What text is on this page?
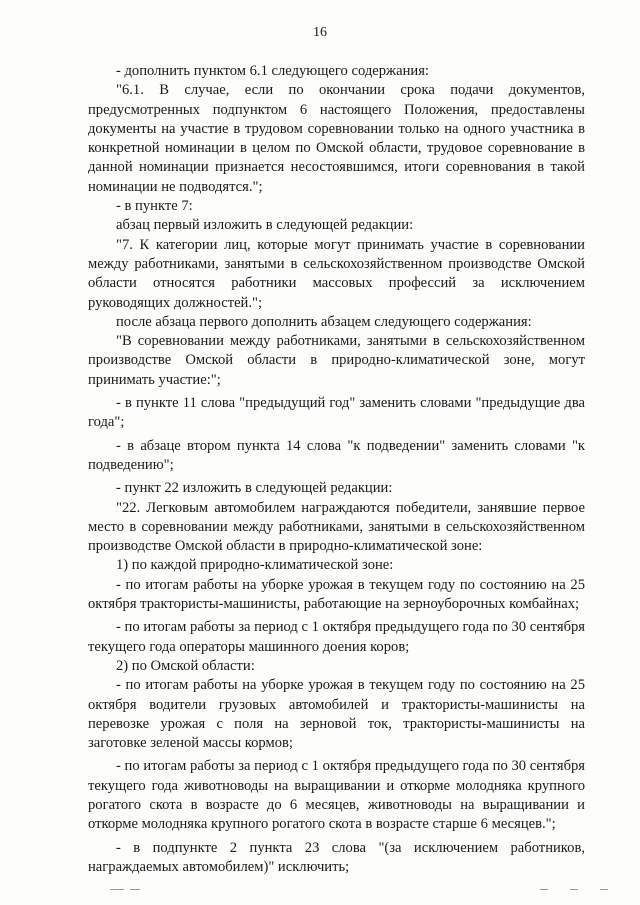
16

- дополнить пунктом 6.1 следующего содержания:

"6.1. В случае, если по окончании срока подачи документов, предусмотренных подпунктом 6 настоящего Положения, предоставлены документы на участие в трудовом соревновании только на одного участника в конкретной номинации в целом по Омской области, трудовое соревнование в данной номинации признается несостоявшимся, итоги соревнования в такой номинации не подводятся.";

- в пункте 7:

абзац первый изложить в следующей редакции:

"7. К категории лиц, которые могут принимать участие в соревновании между работниками, занятыми в сельскохозяйственном производстве Омской области относятся работники массовых профессий за исключением руководящих должностей.";

после абзаца первого дополнить абзацем следующего содержания:

"В соревновании между работниками, занятыми в сельскохозяйственном производстве Омской области в природно-климатической зоне, могут принимать участие:";

- в пункте 11 слова "предыдущий год" заменить словами "предыдущие два года";

- в абзаце втором пункта 14 слова "к подведении" заменить словами "к подведению";

- пункт 22 изложить в следующей редакции:

"22. Легковым автомобилем награждаются победители, занявшие первое место в соревновании между работниками, занятыми в сельскохозяйственном производстве Омской области в природно-климатической зоне:

1) по каждой природно-климатической зоне:

- по итогам работы на уборке урожая в текущем году по состоянию на 25 октября трактористы-машинисты, работающие на зерноуборочных комбайнах;

- по итогам работы за период с 1 октября предыдущего года по 30 сентября текущего года операторы машинного доения коров;

2) по Омской области:

- по итогам работы на уборке урожая в текущем году по состоянию на 25 октября водители грузовых автомобилей и трактористы-машинисты на перевозке урожая с поля на зерновой ток, трактористы-машинисты на заготовке зеленой массы кормов;

- по итогам работы за период с 1 октября предыдущего года по 30 сентября текущего года животноводы на выращивании и откорме молодняка крупного рогатого скота в возрасте до 6 месяцев, животноводы на выращивании и откорме молодняка крупного рогатого скота в возрасте старше 6 месяцев.";

- в подпункте 2 пункта 23 слова "(за исключением работников, награждаемых автомобилем)" исключить;
